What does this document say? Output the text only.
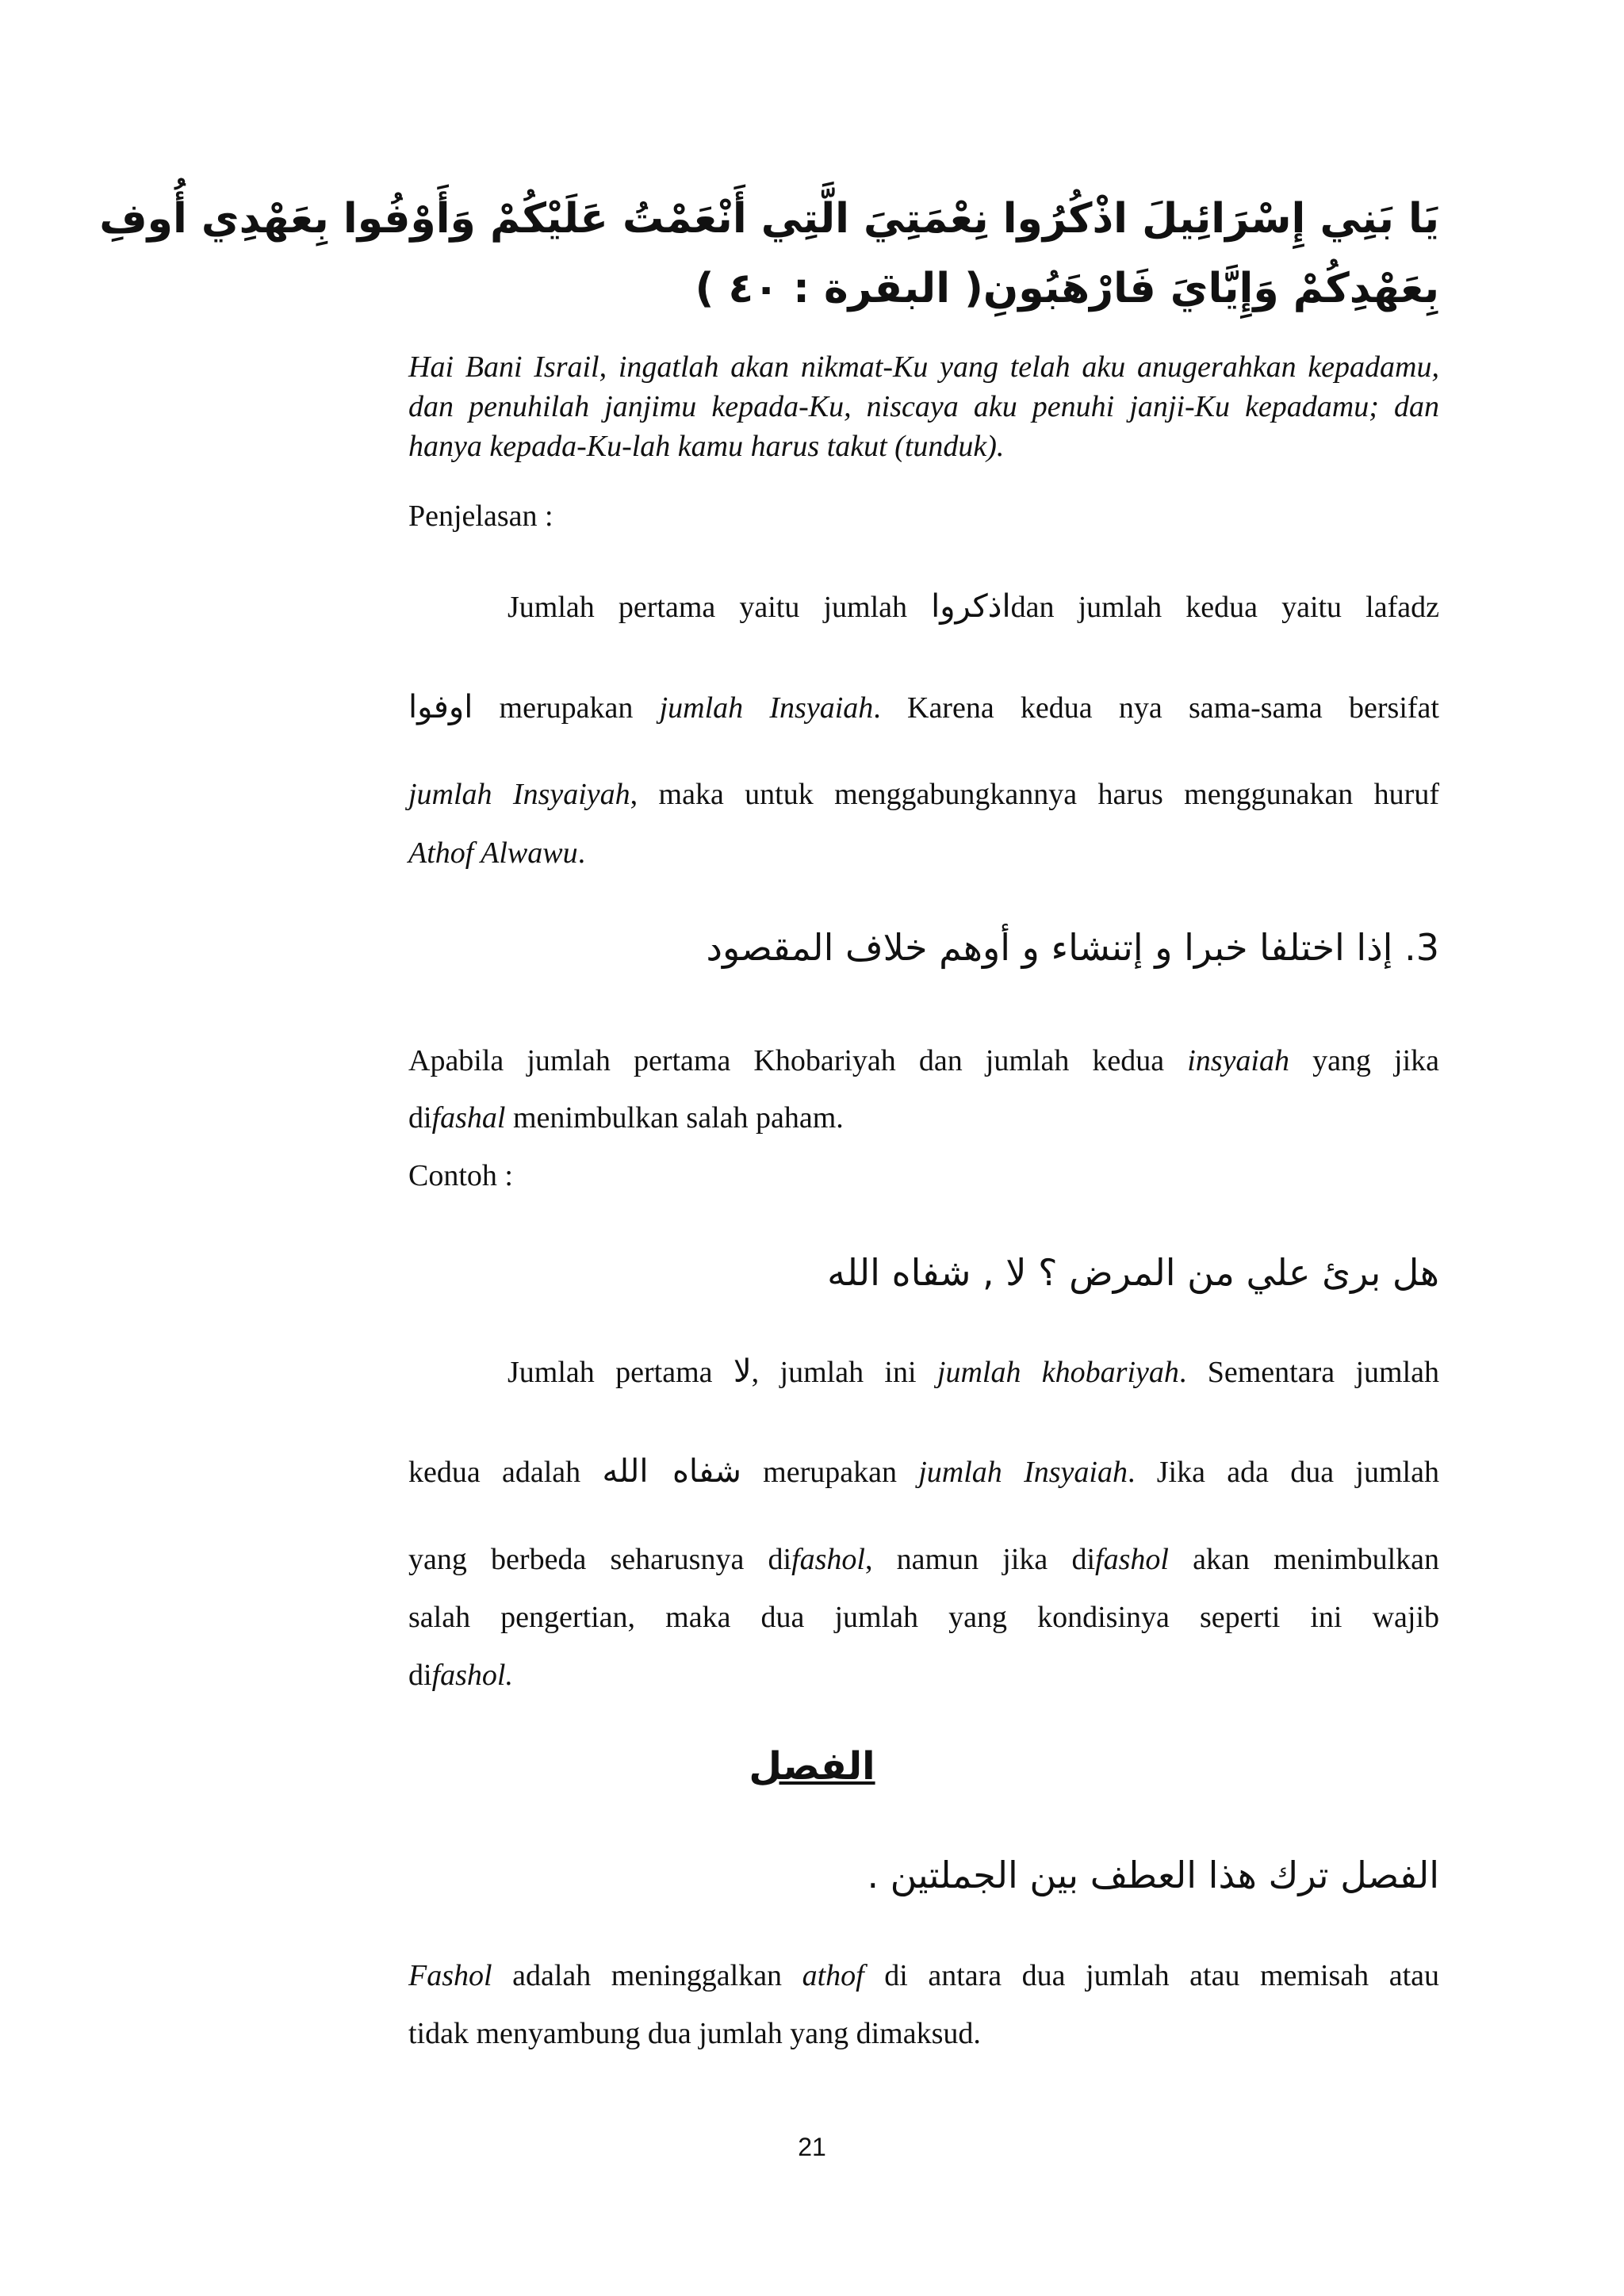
يَا بَنِي إِسْرَائِيلَ اذْكُرُوا نِعْمَتِيَ الَّتِي أَنْعَمْتُ عَلَيْكُمْ وَأَوْفُوا بِعَهْدِي أُوفِ
بِعَهْدِكُمْ وَإِيَّايَ فَارْهَبُونِ( البقرة : ٤٠ )
Hai Bani Israil, ingatlah akan nikmat-Ku yang telah aku anugerahkan kepadamu, dan penuhilah janjimu kepada-Ku, niscaya aku penuhi janji-Ku kepadamu; dan hanya kepada-Ku-lah kamu harus takut (tunduk).
Penjelasan :
Jumlah pertama yaitu jumlah اذكرواdan jumlah kedua yaitu lafadz
اوفوا merupakan jumlah Insyaiah. Karena kedua nya sama-sama bersifat
jumlah Insyaiyah, maka untuk menggabungkannya harus menggunakan huruf
Athof Alwawu.
3. إذا اختلفا خبرا و إتنشاء و أوهم خلاف المقصود
Apabila jumlah pertama Khobariyah dan jumlah kedua insyaiah yang jika
difashal menimbulkan salah paham.
Contoh :
هل برئ علي من المرض ؟ لا , شفاه الله
Jumlah pertama لا, jumlah ini jumlah khobariyah. Sementara jumlah
kedua adalah شفاه الله merupakan jumlah Insyaiah. Jika ada dua jumlah
yang berbeda seharusnya difashol, namun jika difashol akan menimbulkan
salah pengertian, maka dua jumlah yang kondisinya seperti ini wajib
difashol.
الفصل
الفصل ترك هذا العطف بين الجملتين .
Fashol adalah meninggalkan athof di antara dua jumlah atau memisah atau
tidak menyambung dua jumlah yang dimaksud.
21
